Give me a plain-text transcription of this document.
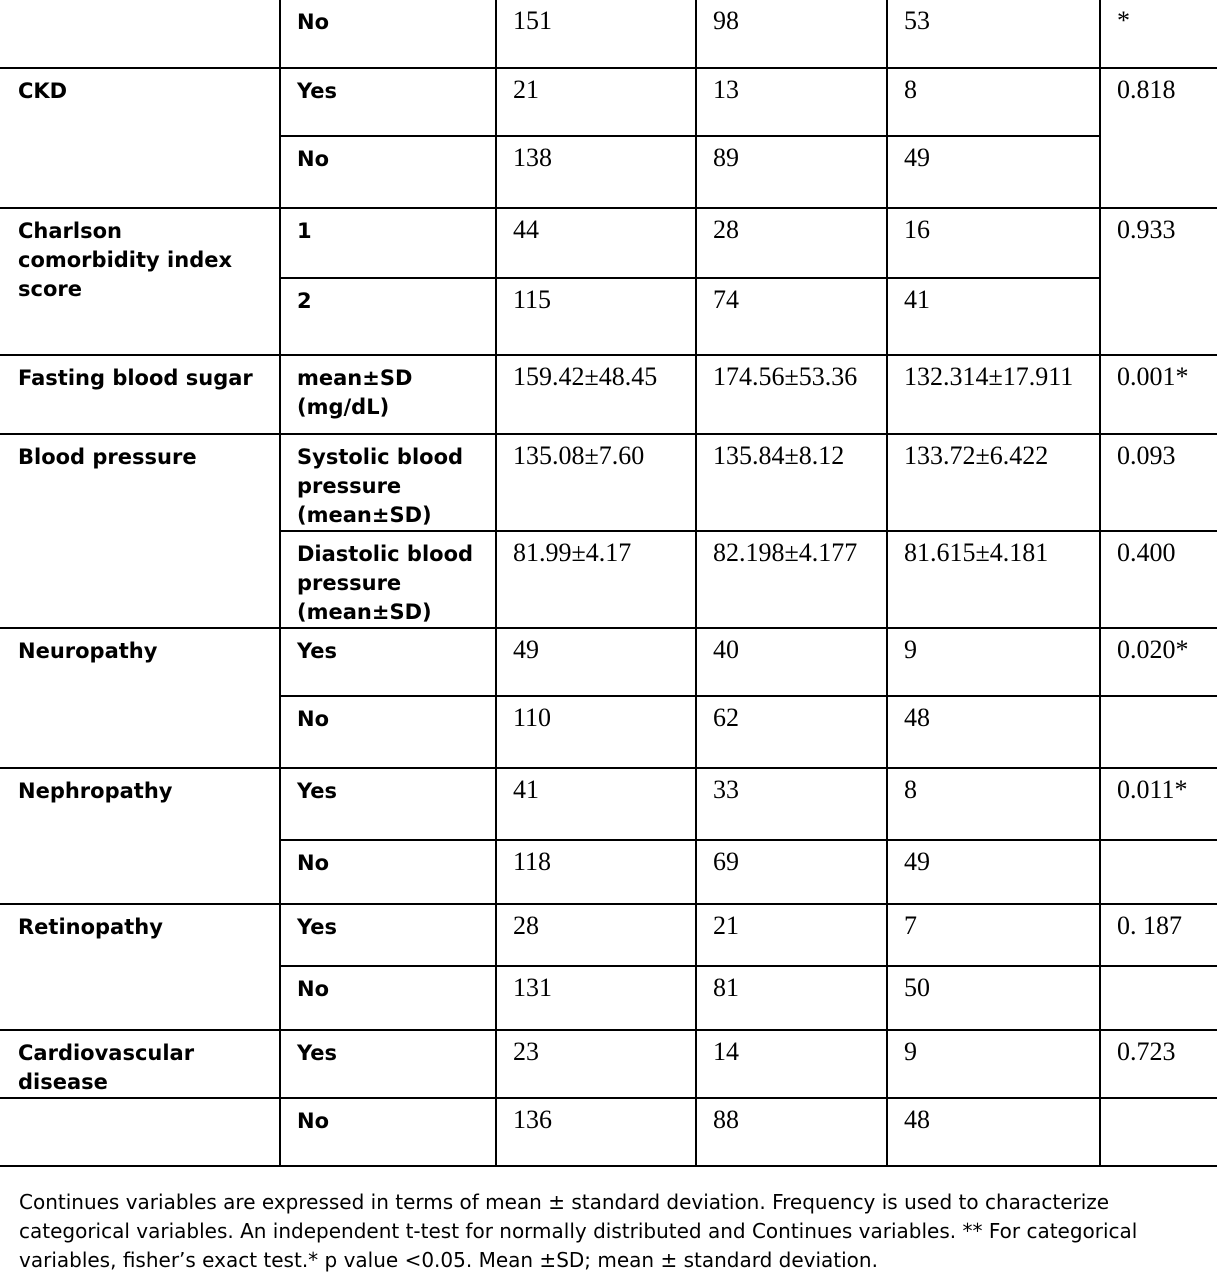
	No	151	98	53	*

CKD	Yes	21	13	8	0.818

	No	138	89	49	

Charlson comorbidity index score	1	44	28	16	0.933

	2	115	74	41	

Fasting blood sugar	mean±SD (mg/dL)	159.42±48.45	174.56±53.36	132.314±17.911	0.001*

Blood pressure	Systolic blood pressure (mean±SD)	135.08±7.60	135.84±8.12	133.72±6.422	0.093

	Diastolic blood pressure (mean±SD)	81.99±4.17	82.198±4.177	81.615±4.181	0.400

Neuropathy	Yes	49	40	9	0.020*

	No	110	62	48	

Nephropathy	Yes	41	33	8	0.011*

	No	118	69	49	

Retinopathy	Yes	28	21	7	0. 187

	No	131	81	50	

Cardiovascular disease	Yes	23	14	9	0.723

	No	136	88	48	

Continues variables are expressed in terms of mean ± standard deviation. Frequency is used to characterize categorical variables. An independent t-test for normally distributed and Continues variables. ** For categorical variables, fisher’s exact test.* p value <0.05. Mean ±SD; mean ± standard deviation.
